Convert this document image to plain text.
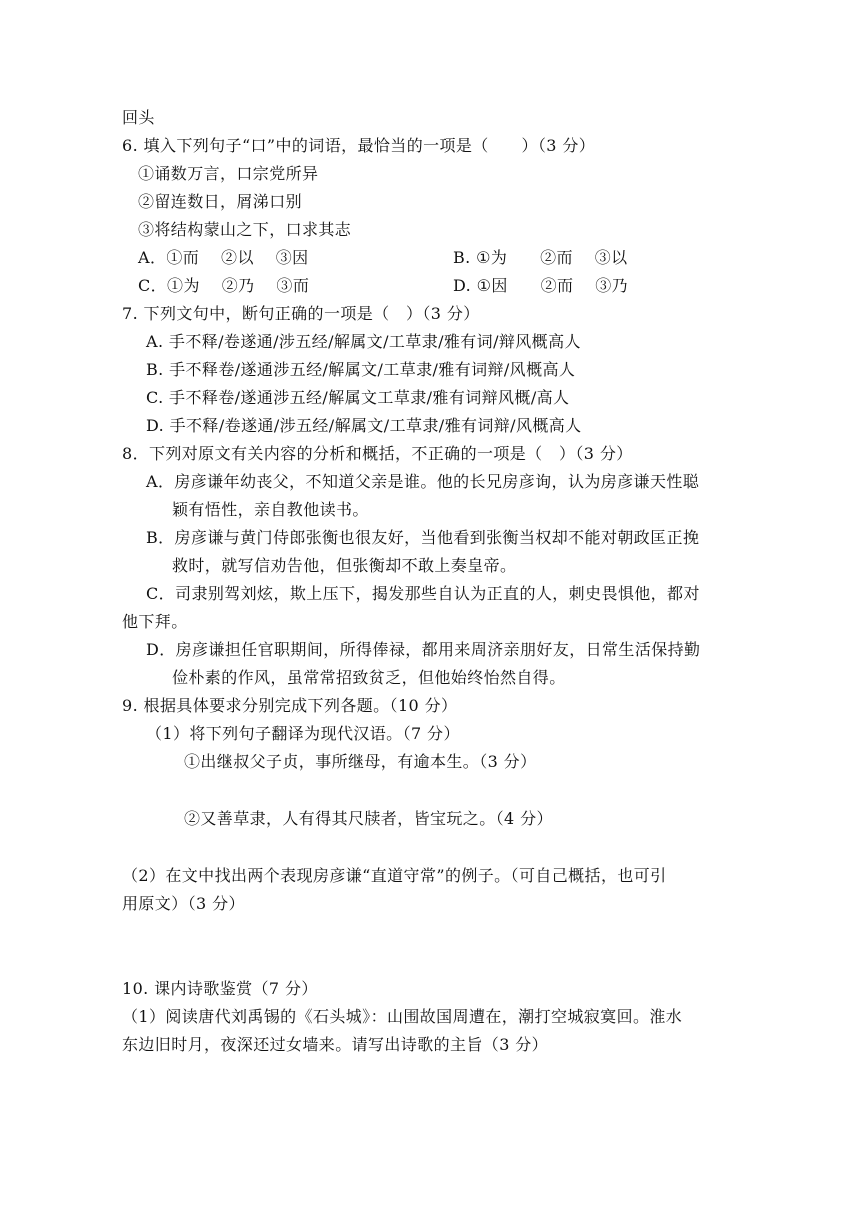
回头
6. 填入下列句子“口”中的词语，最恰当的一项是（　　）（3 分）
①诵数万言，口宗党所异
②留连数日，屑涕口别
③将结构蒙山之下，口求其志
A．①而　 ②以　 ③因	B. ①为　　②而　 ③以
C．①为　 ②乃　 ③而	D. ①因　　②而　 ③乃
7. 下列文句中，断句正确的一项是（　）（3 分）
A. 手不释/卷遂通/涉五经/解属文/工草隶/雅有词/辩风概高人
B. 手不释卷/遂通涉五经/解属文/工草隶/雅有词辩/风概高人
C. 手不释卷/遂通涉五经/解属文工草隶/雅有词辩风概/高人
D. 手不释/卷遂通/涉五经/解属文/工草隶/雅有词辩/风概高人
8．下列对原文有关内容的分析和概括，不正确的一项是（　）（3 分）
A．房彦谦年幼丧父，不知道父亲是谁。他的长兄房彦询，认为房彦谦天性聪
颖有悟性，亲自教他读书。
B．房彦谦与黄门侍郎张衡也很友好，当他看到张衡当权却不能对朝政匡正挽
救时，就写信劝告他，但张衡却不敢上奏皇帝。
C．司隶别驾刘炫，欺上压下，揭发那些自认为正直的人，刺史畏惧他，都对
他下拜。
D．房彦谦担任官职期间，所得俸禄，都用来周济亲朋好友，日常生活保持勤
俭朴素的作风，虽常常招致贫乏，但他始终怡然自得。
9. 根据具体要求分别完成下列各题。（10 分）
（1）将下列句子翻译为现代汉语。（7 分）
①出继叔父子贞，事所继母，有逾本生。（3 分）
②又善草隶，人有得其尺牍者，皆宝玩之。（4 分）
（2）在文中找出两个表现房彦谦“直道守常”的例子。（可自己概括，也可引
用原文）（3 分）
10. 课内诗歌鉴赏（7 分）
（1）阅读唐代刘禹锡的《石头城》：山围故国周遭在，潮打空城寂寞回。淮水
东边旧时月，夜深还过女墙来。请写出诗歌的主旨（3 分）
